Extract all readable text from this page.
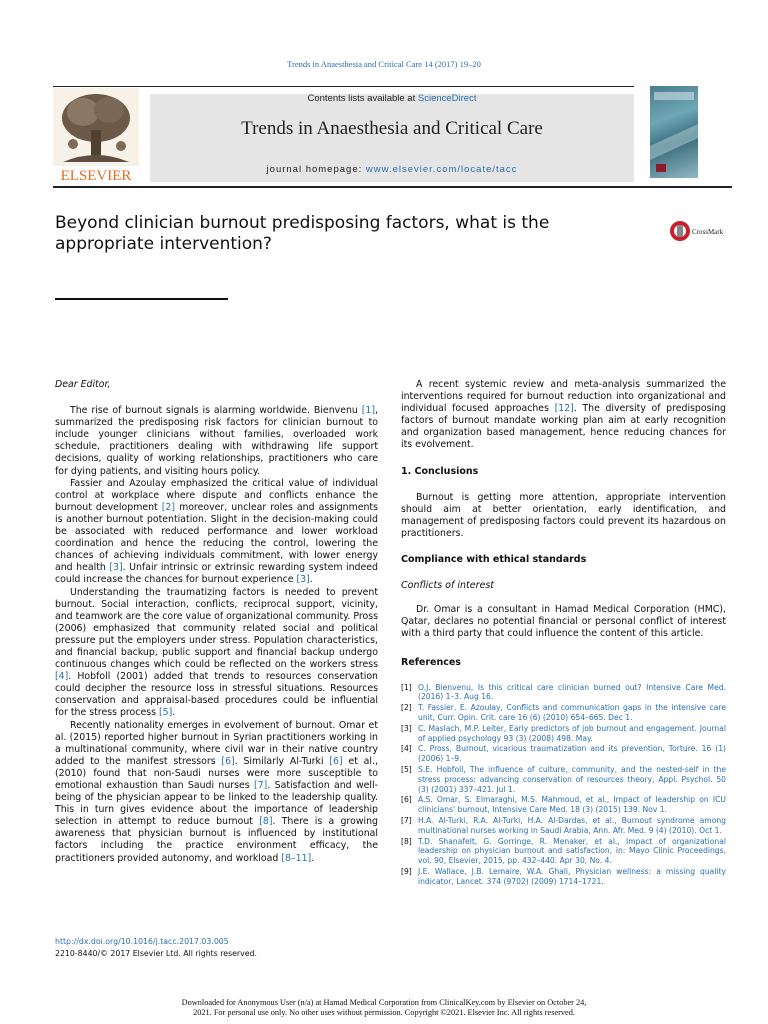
Trends in Anaesthesia and Critical Care 14 (2017) 19–20
ELSEVIER
Contents lists available at ScienceDirect
Trends in Anaesthesia and Critical Care
journal homepage: www.elsevier.com/locate/tacc
Beyond clinician burnout predisposing factors, what is the appropriate intervention?
CrossMark

Dear Editor,

The rise of burnout signals is alarming worldwide. Bienvenu [1], summarized the predisposing risk factors for clinician burnout to include younger clinicians without families, overloaded work schedule, practitioners dealing with withdrawing life support decisions, quality of working relationships, practitioners who care for dying patients, and visiting hours policy.

Fassier and Azoulay emphasized the critical value of individual control at workplace where dispute and conflicts enhance the burnout development [2] moreover, unclear roles and assignments is another burnout potentiation. Slight in the decision-making could be associated with reduced performance and lower workload coordination and hence the reducing the control, lowering the chances of achieving individuals commitment, with lower energy and health [3]. Unfair intrinsic or extrinsic rewarding system indeed could increase the chances for burnout experience [3].

Understanding the traumatizing factors is needed to prevent burnout. Social interaction, conflicts, reciprocal support, vicinity, and teamwork are the core value of organizational community. Pross (2006) emphasized that community related social and political pressure put the employers under stress. Population characteristics, and financial backup, public support and financial backup undergo continuous changes which could be reflected on the workers stress [4]. Hobfoll (2001) added that trends to resources conservation could decipher the resource loss in stressful situations. Resources conservation and appraisal-based procedures could be influential for the stress process [5].

Recently nationality emerges in evolvement of burnout. Omar et al. (2015) reported higher burnout in Syrian practitioners working in a multinational community, where civil war in their native country added to the manifest stressors [6]. Similarly Al-Turki [6] et al., (2010) found that non-Saudi nurses were more susceptible to emotional exhaustion than Saudi nurses [7]. Satisfaction and well-being of the physician appear to be linked to the leadership quality. This in turn gives evidence about the importance of leadership selection in attempt to reduce burnout [8]. There is a growing awareness that physician burnout is influenced by institutional factors including the practice environment efficacy, the practitioners provided autonomy, and workload [8–11].

A recent systemic review and meta-analysis summarized the interventions required for burnout reduction into organizational and individual focused approaches [12]. The diversity of predisposing factors of burnout mandate working plan aim at early recognition and organization based management, hence reducing chances for its evolvement.

1. Conclusions

Burnout is getting more attention, appropriate intervention should aim at better orientation, early identification, and management of predisposing factors could prevent its hazardous on practitioners.

Compliance with ethical standards
Conflicts of interest

Dr. Omar is a consultant in Hamad Medical Corporation (HMC), Qatar, declares no potential financial or personal conflict of interest with a third party that could influence the content of this article.

References
[1] O.J. Bienvenu, Is this critical care clinician burned out? Intensive Care Med. (2016) 1–3. Aug 16.
[2] T. Fassier, E. Azoulay, Conflicts and communication gaps in the intensive care unit, Curr. Opin. Crit. care 16 (6) (2010) 654–665. Dec 1.
[3] C. Maslach, M.P. Leiter, Early predictors of job burnout and engagement. Journal of applied psychology 93 (3) (2008) 498. May.
[4] C. Pross, Burnout, vicarious traumatization and its prevention, Torture. 16 (1) (2006) 1–9.
[5] S.E. Hobfoll, The influence of culture, community, and the nested-self in the stress process: advancing conservation of resources theory, Appl. Psychol. 50 (3) (2001) 337–421. Jul 1.
[6] A.S. Omar, S. Elmaraghi, M.S. Mahmoud, et al., Impact of leadership on ICU clinicians' burnout, Intensive Care Med. 18 (3) (2015) 139. Nov 1.
[7] H.A. Al-Turki, R.A. Al-Turki, H.A. Al-Dardas, et al., Burnout syndrome among multinational nurses working in Saudi Arabia, Ann. Afr. Med. 9 (4) (2010). Oct 1.
[8] T.D. Shanafelt, G. Gorringe, R. Menaker, et al., Impact of organizational leadership on physician burnout and satisfaction, in: Mayo Clinic Proceedings, vol. 90, Elsevier, 2015, pp. 432–440. Apr 30, No. 4.
[9] J.E. Wallace, J.B. Lemaire, W.A. Ghali, Physician wellness: a missing quality indicator, Lancet. 374 (9702) (2009) 1714–1721.
http://dx.doi.org/10.1016/j.tacc.2017.03.005
2210-8440/© 2017 Elsevier Ltd. All rights reserved.
Downloaded for Anonymous User (n/a) at Hamad Medical Corporation from ClinicalKey.com by Elsevier on October 24,
2021. For personal use only. No other uses without permission. Copyright ©2021. Elsevier Inc. All rights reserved.
